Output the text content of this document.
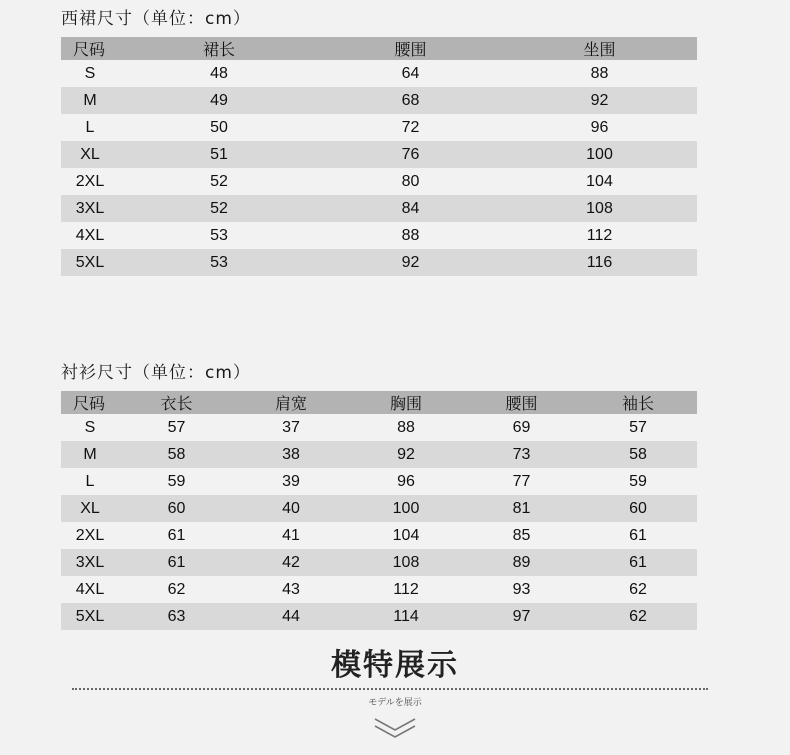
西裙尺寸（单位：cm）
尺码	裙长	腰围	坐围
S	48	64	88
M	49	68	92
L	50	72	96
XL	51	76	100
2XL	52	80	104
3XL	52	84	108
4XL	53	88	112
5XL	53	92	116
衬衫尺寸（单位：cm）
尺码	衣长	肩宽	胸围	腰围	袖长
S	57	37	88	69	57
M	58	38	92	73	58
L	59	39	96	77	59
XL	60	40	100	81	60
2XL	61	41	104	85	61
3XL	61	42	108	89	61
4XL	62	43	112	93	62
5XL	63	44	114	97	62
模特展示
モデルを展示
